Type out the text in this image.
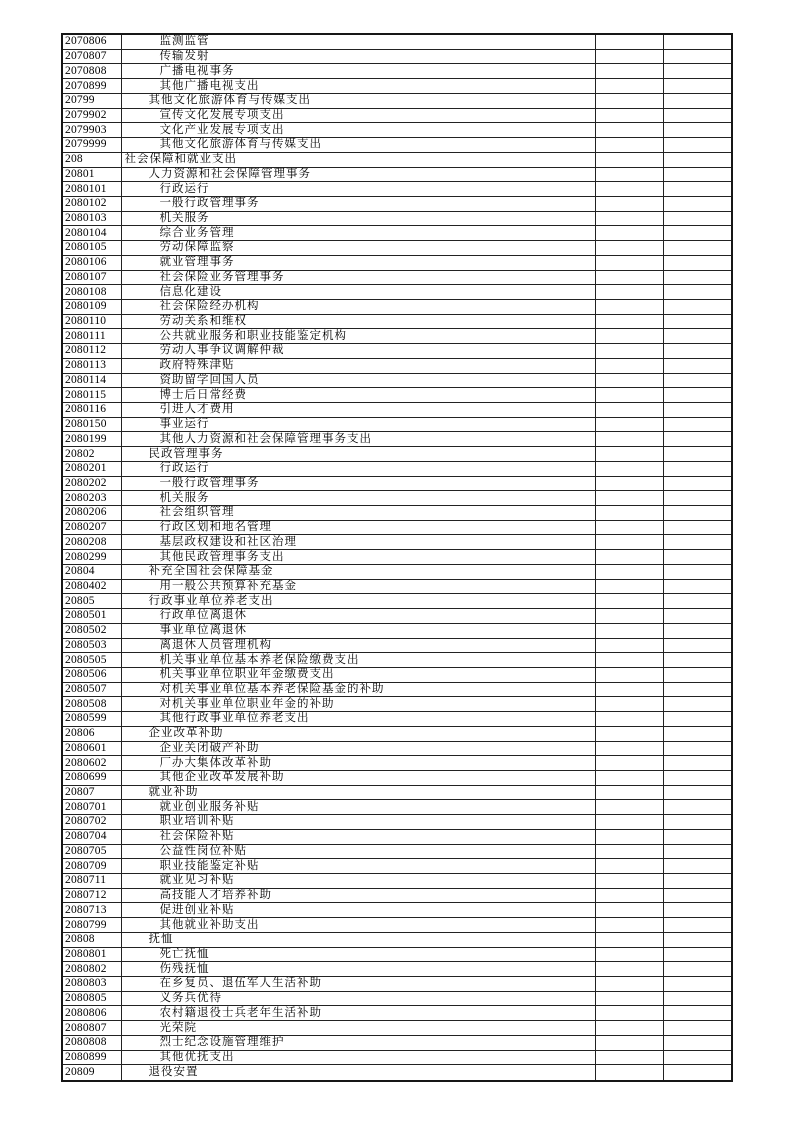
2070806	监测监管		
2070807	传输发射		
2070808	广播电视事务		
2070899	其他广播电视支出		
20799	其他文化旅游体育与传媒支出		
2079902	宣传文化发展专项支出		
2079903	文化产业发展专项支出		
2079999	其他文化旅游体育与传媒支出		
208	社会保障和就业支出		
20801	人力资源和社会保障管理事务		
2080101	行政运行		
2080102	一般行政管理事务		
2080103	机关服务		
2080104	综合业务管理		
2080105	劳动保障监察		
2080106	就业管理事务		
2080107	社会保险业务管理事务		
2080108	信息化建设		
2080109	社会保险经办机构		
2080110	劳动关系和维权		
2080111	公共就业服务和职业技能鉴定机构		
2080112	劳动人事争议调解仲裁		
2080113	政府特殊津贴		
2080114	资助留学回国人员		
2080115	博士后日常经费		
2080116	引进人才费用		
2080150	事业运行		
2080199	其他人力资源和社会保障管理事务支出		
20802	民政管理事务		
2080201	行政运行		
2080202	一般行政管理事务		
2080203	机关服务		
2080206	社会组织管理		
2080207	行政区划和地名管理		
2080208	基层政权建设和社区治理		
2080299	其他民政管理事务支出		
20804	补充全国社会保障基金		
2080402	用一般公共预算补充基金		
20805	行政事业单位养老支出		
2080501	行政单位离退休		
2080502	事业单位离退休		
2080503	离退休人员管理机构		
2080505	机关事业单位基本养老保险缴费支出		
2080506	机关事业单位职业年金缴费支出		
2080507	对机关事业单位基本养老保险基金的补助		
2080508	对机关事业单位职业年金的补助		
2080599	其他行政事业单位养老支出		
20806	企业改革补助		
2080601	企业关闭破产补助		
2080602	厂办大集体改革补助		
2080699	其他企业改革发展补助		
20807	就业补助		
2080701	就业创业服务补贴		
2080702	职业培训补贴		
2080704	社会保险补贴		
2080705	公益性岗位补贴		
2080709	职业技能鉴定补贴		
2080711	就业见习补贴		
2080712	高技能人才培养补助		
2080713	促进创业补贴		
2080799	其他就业补助支出		
20808	抚恤		
2080801	死亡抚恤		
2080802	伤残抚恤		
2080803	在乡复员、退伍军人生活补助		
2080805	义务兵优待		
2080806	农村籍退役士兵老年生活补助		
2080807	光荣院		
2080808	烈士纪念设施管理维护		
2080899	其他优抚支出		
20809	退役安置		
